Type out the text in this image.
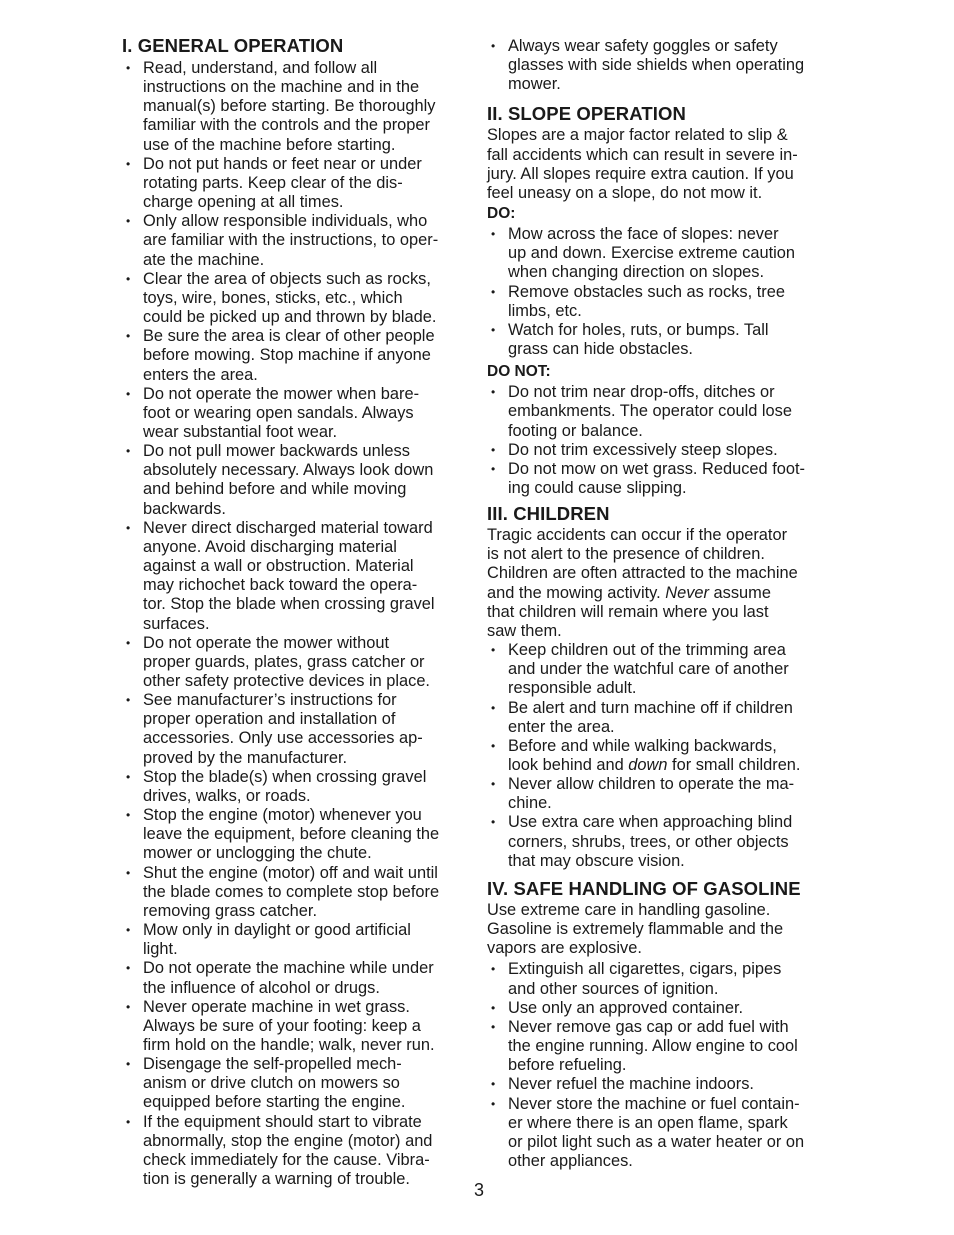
I. GENERAL OPERATION
• Read, understand, and follow all
instructions on the machine and in the
manual(s) before starting. Be thoroughly
familiar with the controls and the proper
use of the machine before starting.
• Do not put hands or feet near or under
rotating parts. Keep clear of the dis-
charge opening at all times.
• Only allow responsible individuals, who
are familiar with the instructions, to oper-
ate the machine.
• Clear the area of objects such as rocks,
toys, wire, bones, sticks, etc., which
could be picked up and thrown by blade.
• Be sure the area is clear of other people
before mowing. Stop machine if anyone
enters the area.
• Do not operate the mower when bare-
foot or wearing open sandals. Always
wear substantial foot wear.
• Do not pull mower backwards unless
absolutely necessary. Always look down
and behind before and while moving
backwards.
• Never direct discharged material toward
anyone. Avoid discharging material
against a wall or obstruction. Material
may richochet back toward the opera-
tor. Stop the blade when crossing gravel
surfaces.
• Do not operate the mower without
proper guards, plates, grass catcher or
other safety protective devices in place.
• See manufacturer’s instructions for
proper operation and installation of
accessories. Only use accessories ap-
proved by the manufacturer.
• Stop the blade(s) when crossing gravel
drives, walks, or roads.
• Stop the engine (motor) whenever you
leave the equipment, before cleaning the
mower or unclogging the chute.
• Shut the engine (motor) off and wait until
the blade comes to complete stop before
removing grass catcher.
• Mow only in daylight or good artificial
light.
• Do not operate the machine while under
the influence of alcohol or drugs.
• Never operate machine in wet grass.
Always be sure of your footing: keep a
firm hold on the handle; walk, never run.
• Disengage the self-propelled mech-
anism or drive clutch on mowers so
equipped before starting the engine.
• If the equipment should start to vibrate
abnormally, stop the engine (motor) and
check immediately for the cause. Vibra-
tion is generally a warning of trouble.
• Always wear safety goggles or safety
glasses with side shields when operating
mower.
II. SLOPE OPERATION
Slopes are a major factor related to slip &
fall accidents which can result in severe in-
jury. All slopes require extra caution. If you
feel uneasy on a slope, do not mow it.
DO:
• Mow across the face of slopes: never
up and down. Exercise extreme caution
when changing direction on slopes.
• Remove obstacles such as rocks, tree
limbs, etc.
• Watch for holes, ruts, or bumps. Tall
grass can hide obstacles.
DO NOT:
• Do not trim near drop-offs, ditches or
embankments. The operator could lose
footing or balance.
• Do not trim excessively steep slopes.
• Do not mow on wet grass. Reduced foot-
ing could cause slipping.
III. CHILDREN
Tragic accidents can occur if the operator
is not alert to the presence of children.
Children are often attracted to the machine
and the mowing activity. Never assume
that children will remain where you last
saw them.
• Keep children out of the trimming area
and under the watchful care of another
responsible adult.
• Be alert and turn machine off if children
enter the area.
• Before and while walking backwards,
look behind and down for small children.
• Never allow children to operate the ma-
chine.
• Use extra care when approaching blind
corners, shrubs, trees, or other objects
that may obscure vision.
IV. SAFE HANDLING OF GASOLINE
Use extreme care in handling gasoline.
Gasoline is extremely flammable and the
vapors are explosive.
• Extinguish all cigarettes, cigars, pipes
and other sources of ignition.
• Use only an approved container.
• Never remove gas cap or add fuel with
the engine running. Allow engine to cool
before refueling.
• Never refuel the machine indoors.
• Never store the machine or fuel contain-
er where there is an open flame, spark
or pilot light such as a water heater or on
other appliances.
3
